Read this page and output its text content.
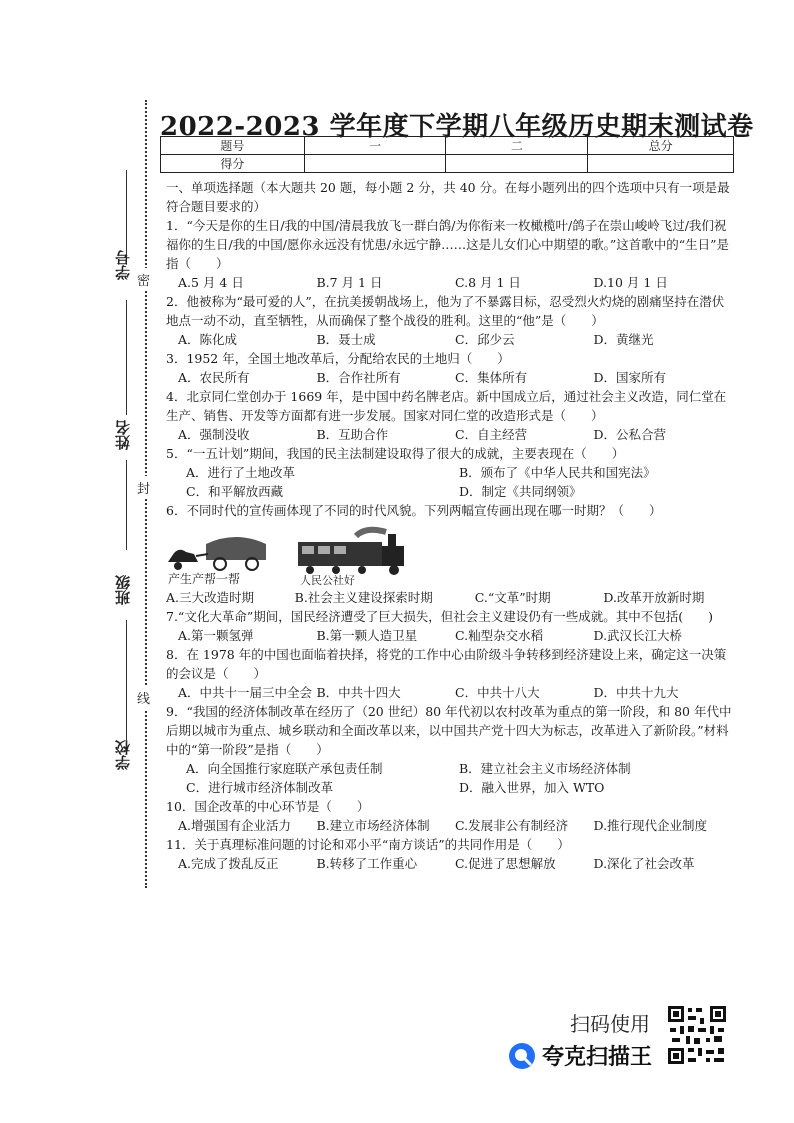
学号
密
姓名
封
班级
线
学校
2022-2023 学年度下学期八年级历史期末测试卷
题号	一	二	总分
得分			

一、单项选择题（本大题共 20 题，每小题 2 分，共 40 分。在每小题列出的四个选项中只有一项是最符合题目要求的）

1．“今天是你的生日/我的中国/清晨我放飞一群白鸽/为你衔来一枚橄榄叶/鸽子在崇山峻岭飞过/我们祝福你的生日/我的中国/愿你永远没有忧患/永远宁静……这是儿女们心中期望的歌。”这首歌中的“生日”是指（　　）

A.5 月 4 日	B.7 月 1 日	C.8 月 1 日	D.10 月 1 日

2．他被称为“最可爱的人”，在抗美援朝战场上，他为了不暴露目标，忍受烈火灼烧的剧痛坚持在潜伏地点一动不动，直至牺牲，从而确保了整个战役的胜利。这里的“他”是（　　）

A．陈化成	B．聂士成	C．邱少云	D．黄继光

3．1952 年，全国土地改革后，分配给农民的土地归（　　）

A．农民所有	B．合作社所有	C．集体所有	D．国家所有

4．北京同仁堂创办于 1669 年，是中国中药名牌老店。新中国成立后，通过社会主义改造，同仁堂在生产、销售、开发等方面都有进一步发展。国家对同仁堂的改造形式是（　　）

A．强制没收	B．互助合作	C．自主经营	D．公私合营

5．“一五计划”期间，我国的民主法制建设取得了很大的成就，主要表现在（　　）

A．进行了土地改革	B．颁布了《中华人民共和国宪法》
C．和平解放西藏	D．制定《共同纲领》

6．不同时代的宣传画体现了不同的时代风貌。下列两幅宣传画出现在哪一时期？（　　）

产生产帮一帮	人民公社好
A.三大改造时期	B.社会主义建设探索时期	C.“文革”时期	D.改革开放新时期

7.“文化大革命”期间，国民经济遭受了巨大损失，但社会主义建设仍有一些成就。其中不包括(　　)

A.第一颗氢弹	B.第一颗人造卫星	C.籼型杂交水稻	D.武汉长江大桥

8．在 1978 年的中国也面临着抉择，将党的工作中心由阶级斗争转移到经济建设上来，确定这一决策的会议是（　　）

A．中共十一届三中全会 B．中共十四大	C．中共十八大	D．中共十九大

9．“我国的经济体制改革在经历了（20 世纪）80 年代初以农村改革为重点的第一阶段，和 80 年代中后期以城市为重点、城乡联动和全面改革以来，以中国共产党十四大为标志，改革进入了新阶段。”材料中的“第一阶段”是指（　　）

A．向全国推行家庭联产承包责任制	B．建立社会主义市场经济体制
C．进行城市经济体制改革	D．融入世界，加入 WTO

10．国企改革的中心环节是（　　）

A.增强国有企业活力	B.建立市场经济体制	C.发展非公有制经济	D.推行现代企业制度

11．关于真理标准问题的讨论和邓小平“南方谈话”的共同作用是（　　）

A.完成了拨乱反正	B.转移了工作重心	C.促进了思想解放	D.深化了社会改革
扫码使用
夸克扫描王
